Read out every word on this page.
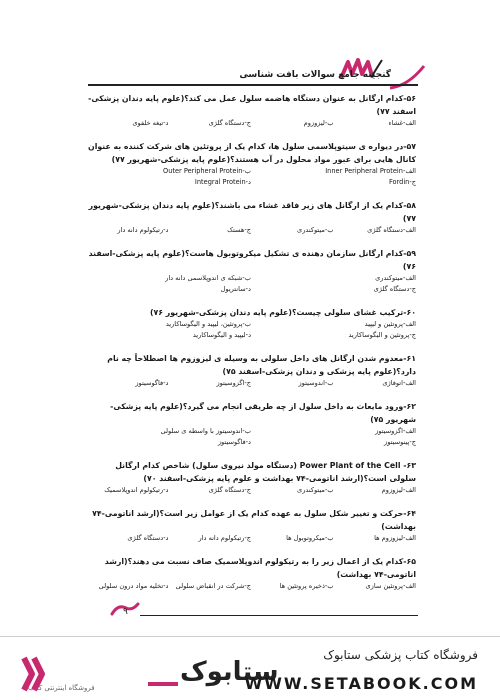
گنجینه جامع سوالات بافت شناسی
۵۶-کدام ارگانل به عنوان دستگاه هاضمه سلول عمل می کند؟(علوم پایه دندان پزشکی-اسفند ۷۷)
الف-غشاء
ب-لیزوزوم
ج-دستگاه گلژی
د-تیغه خلفوی
۵۷-در دیواره ی سیتوپلاسمی سلول ها، کدام یک از پروتئین های شرکت کننده به عنوان کانال هایی برای عبور مواد محلول در آب هستند؟(علوم پایه پزشکی-شهریور ۷۷)
الف-Inner Peripheral Protein
ب-Outer Peripheral Protein
ج-Fordin
د-Integral Protein
۵۸-کدام یک از ارگانل های زیر فاقد غشاء می باشند؟(علوم پایه دندان پزشکی-شهریور ۷۷)
الف-دستگاه گلژی
ب-میتوکندری
ج-هستک
د-رتیکولوم دانه دار
۵۹-کدام ارگانل سازمان دهنده ی تشکیل میکروتوبول هاست؟(علوم پایه پزشکی-اسفند ۷۶)
الف-میتوکندری
ب-شبکه ی اندوپلاسمی دانه دار
ج-دستگاه گلژی
د-سانتریول
۶۰-ترکیب غشای سلولی چیست؟(علوم پایه دندان پزشکی-شهریور ۷۶)
الف-پروتئین و لیپید
ب-پروتئین، لیپید و الیگوساکارید
ج-پروتئین و الیگوساکارید
د-لیپید و الیگوساکارید
۶۱-معدوم شدن ارگانل های داخل سلولی به وسیله ی لیزوزوم ها اصطلاحاً چه نام دارد؟(علوم پایه پزشکی و دندان پزشکی-اسفند ۷۵)
الف-اتوفاژی
ب-اندوسیتوز
ج-اگزوسیتوز
د-فاگوسیتوز
۶۲-ورود مایعات به داخل سلول از چه طریقی انجام می گیرد؟(علوم پایه پزشکی-شهریور ۷۵)
الف-اگزوسیتوز
ب-اندوسیتوز با واسطه ی سلولی
ج-پینوسیتوز
د-فاگوسیتوز
۶۳- Power Plant of the Cell (دستگاه مولد نیروی سلول) شاخص کدام ارگانل سلولی است؟(ارشد اناتومی-۷۴ بهداشت و علوم پایه پزشکی-اسفند ۷۰)
الف-لیزوزوم
ب-میتوکندری
ج-دستگاه گلژی
د-رتیکولوم اندوپلاسمیک
۶۴-حرکت و تغییر شکل سلول به عهده کدام یک از عوامل زیر است؟(ارشد اناتومی-۷۴ بهداشت)
الف-لیزوزوم ها
ب-میکروتوبول ها
ج-رتیکولوم دانه دار
د-دستگاه گلژی
۶۵-کدام یک از اعمال زیر را به رتیکولوم اندوپلاسمیک صاف نسبت می دهند؟(ارشد اناتومی-۷۴ بهداشت)
الف-پروتئین سازی
ب-ذخیره پروتئین ها
ج-شرکت در انقباض سلولی
د-تخلیه مواد درون سلولی
۹
ستابوک
فروشگاه اینترنتی کتاب
فروشگاه کتاب پزشکی ستابوک
WWW.SETABOOK.COM
